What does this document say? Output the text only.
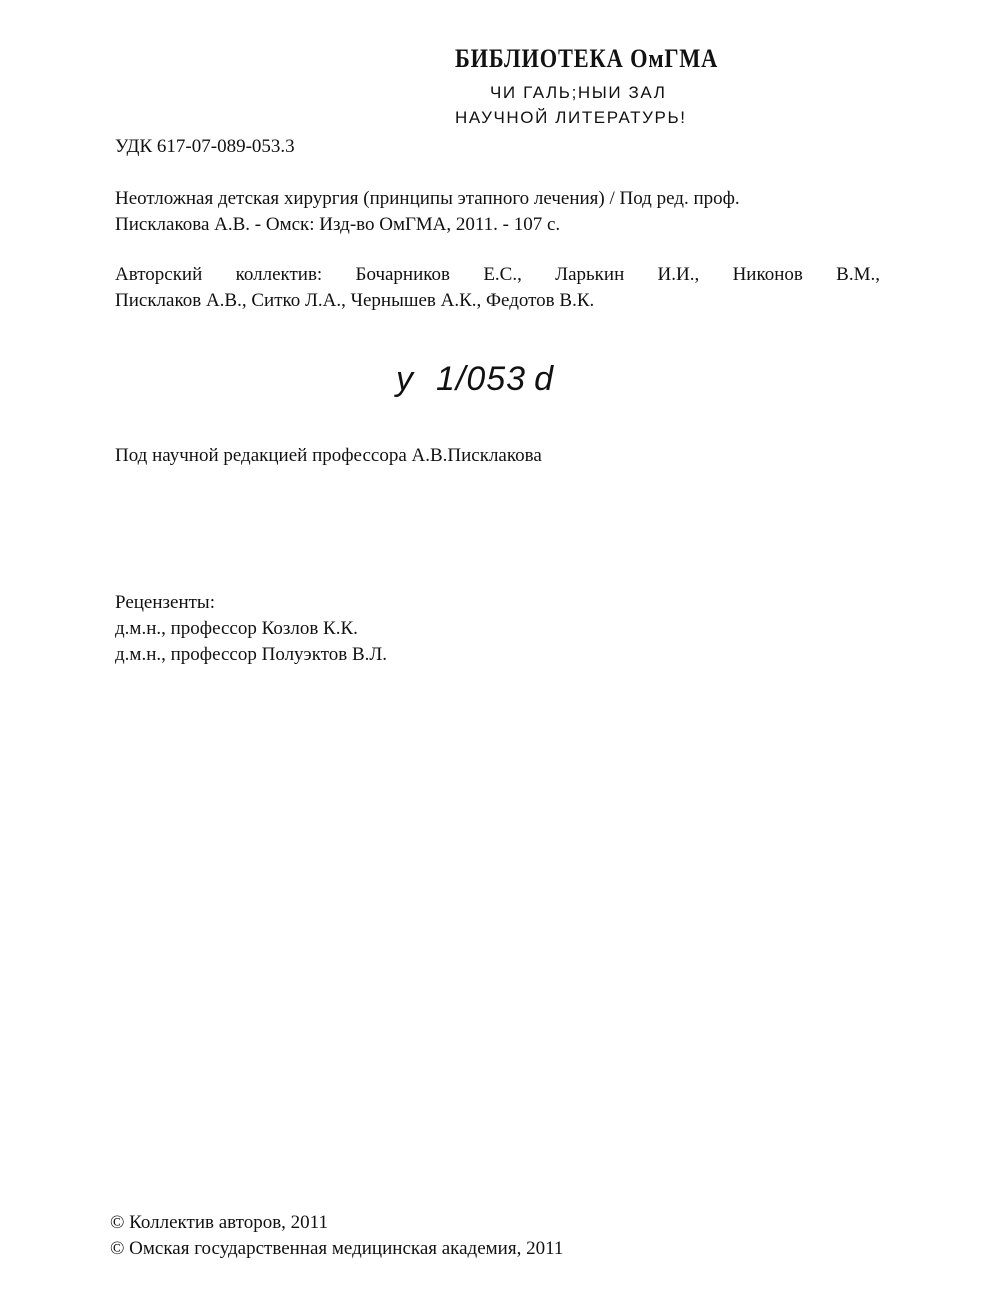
БИБЛИОТЕКА ОмГМА
ЧИ ГАЛЬ;НЫИ ЗАЛ
НАУЧНОЙ ЛИТЕРАТУРЬ!
УДК 617-07-089-053.3
Неотложная детская хирургия (принципы этапного лечения) / Под ред. проф.
Писклакова А.В. - Омск: Изд-во ОмГМА, 2011. - 107 с.
Авторский коллектив: Бочарников Е.С., Ларькин И.И., Никонов В.М.,
Писклаков А.В., Ситко Л.А., Чернышев А.К., Федотов В.К.
у 1/053 d
Под научной редакцией профессора А.В.Писклакова
Рецензенты:
д.м.н., профессор Козлов К.К.
д.м.н., профессор Полуэктов В.Л.
© Коллектив авторов, 2011
© Омская государственная медицинская академия, 2011
